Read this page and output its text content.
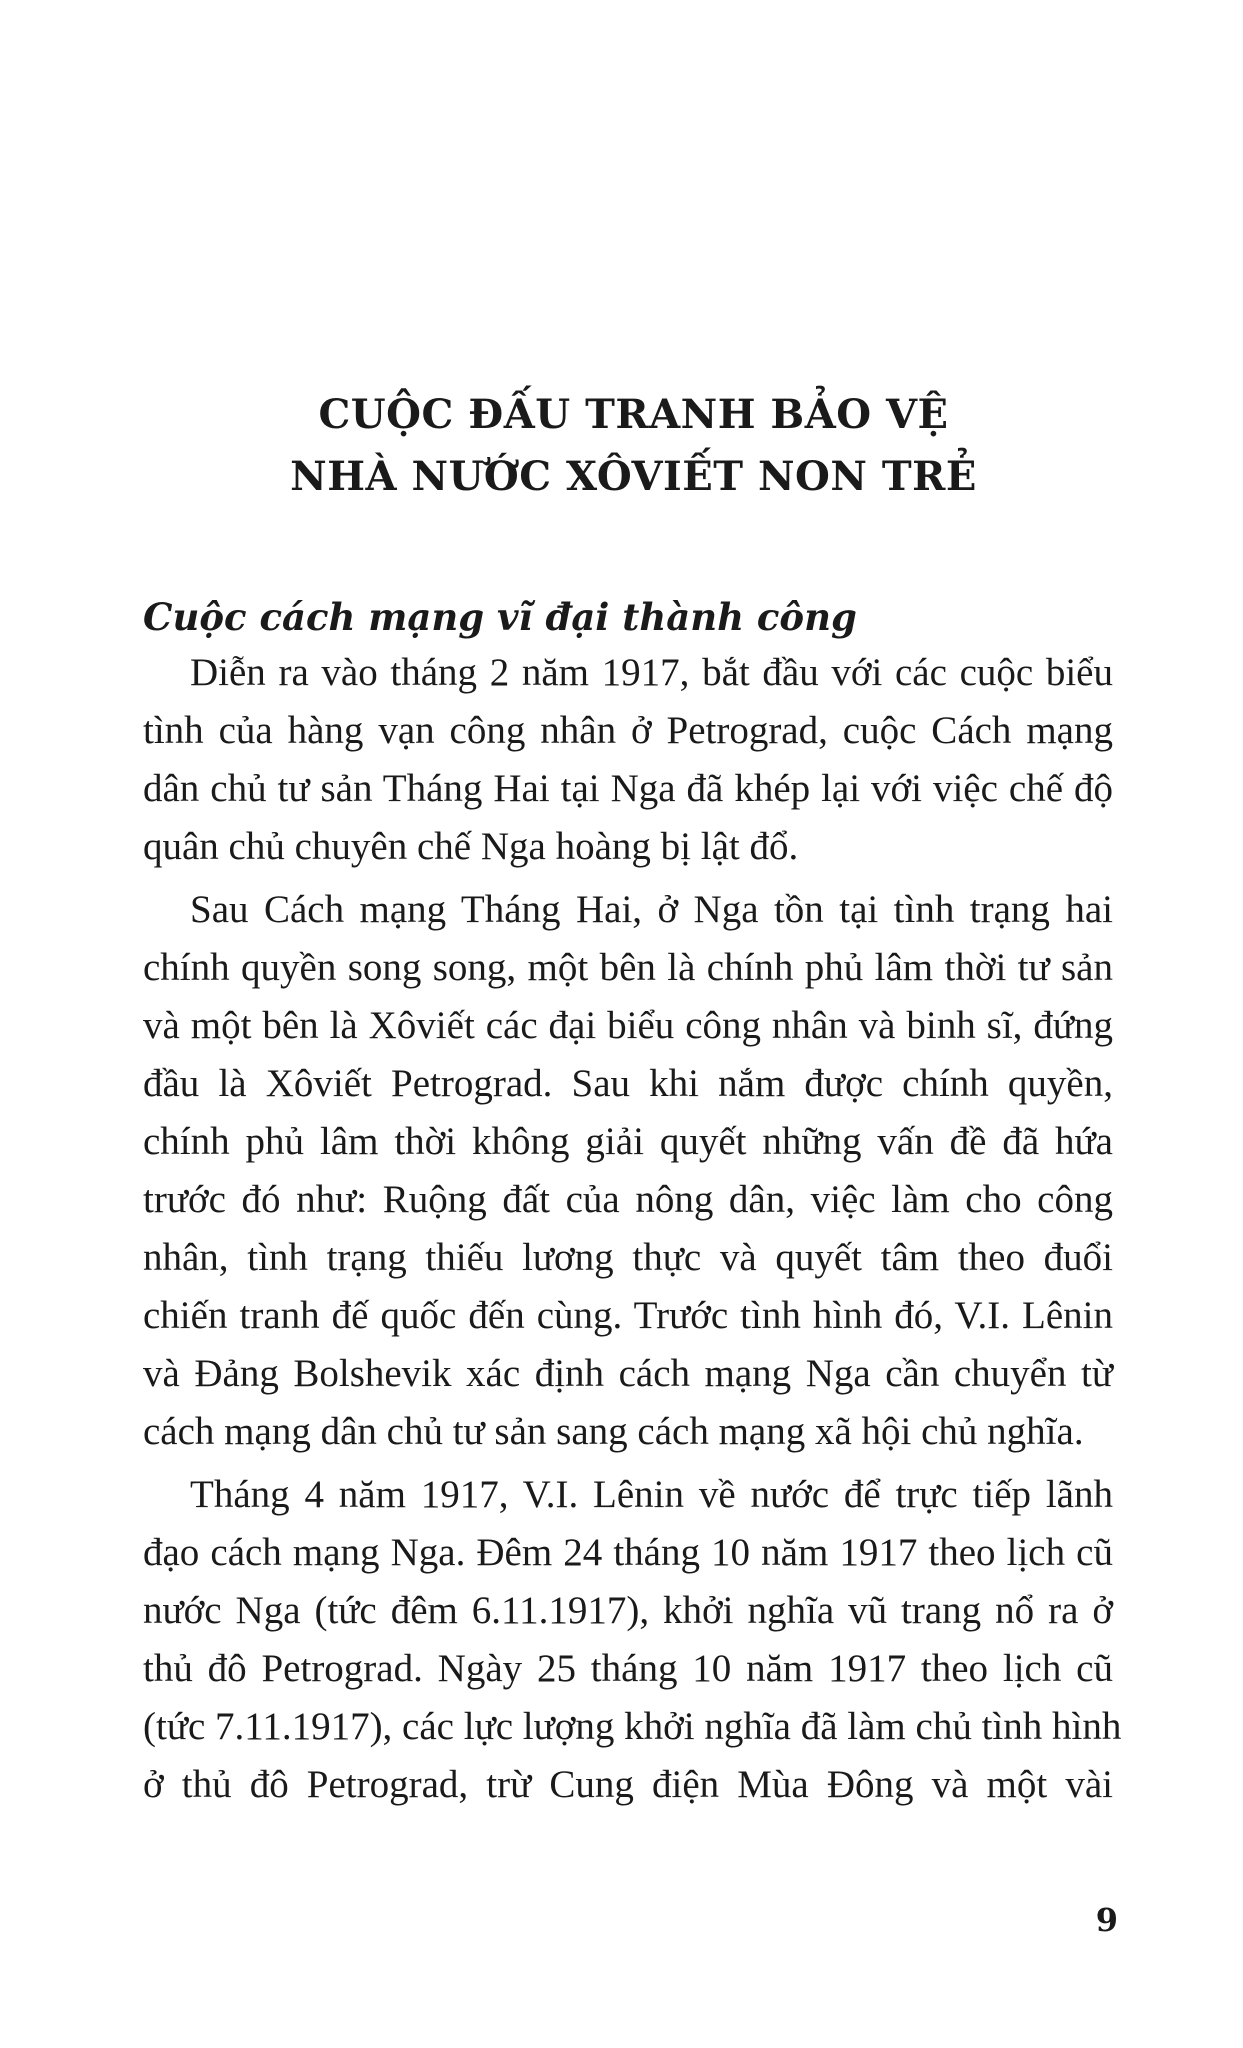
CUỘC ĐẤU TRANH BẢO VỆ
NHÀ NƯỚC XÔVIẾT NON TRẺ
Cuộc cách mạng vĩ đại thành công
Diễn ra vào tháng 2 năm 1917, bắt đầu với các cuộc biểu
tình của hàng vạn công nhân ở Petrograd, cuộc Cách mạng
dân chủ tư sản Tháng Hai tại Nga đã khép lại với việc chế độ
quân chủ chuyên chế Nga hoàng bị lật đổ.
Sau Cách mạng Tháng Hai, ở Nga tồn tại tình trạng hai
chính quyền song song, một bên là chính phủ lâm thời tư sản
và một bên là Xôviết các đại biểu công nhân và binh sĩ, đứng
đầu là Xôviết Petrograd. Sau khi nắm được chính quyền,
chính phủ lâm thời không giải quyết những vấn đề đã hứa
trước đó như: Ruộng đất của nông dân, việc làm cho công
nhân, tình trạng thiếu lương thực và quyết tâm theo đuổi
chiến tranh đế quốc đến cùng. Trước tình hình đó, V.I. Lênin
và Đảng Bolshevik xác định cách mạng Nga cần chuyển từ
cách mạng dân chủ tư sản sang cách mạng xã hội chủ nghĩa.
Tháng 4 năm 1917, V.I. Lênin về nước để trực tiếp lãnh
đạo cách mạng Nga. Đêm 24 tháng 10 năm 1917 theo lịch cũ
nước Nga (tức đêm 6.11.1917), khởi nghĩa vũ trang nổ ra ở
thủ đô Petrograd. Ngày 25 tháng 10 năm 1917 theo lịch cũ
(tức 7.11.1917), các lực lượng khởi nghĩa đã làm chủ tình hình
ở thủ đô Petrograd, trừ Cung điện Mùa Đông và một vài
9
